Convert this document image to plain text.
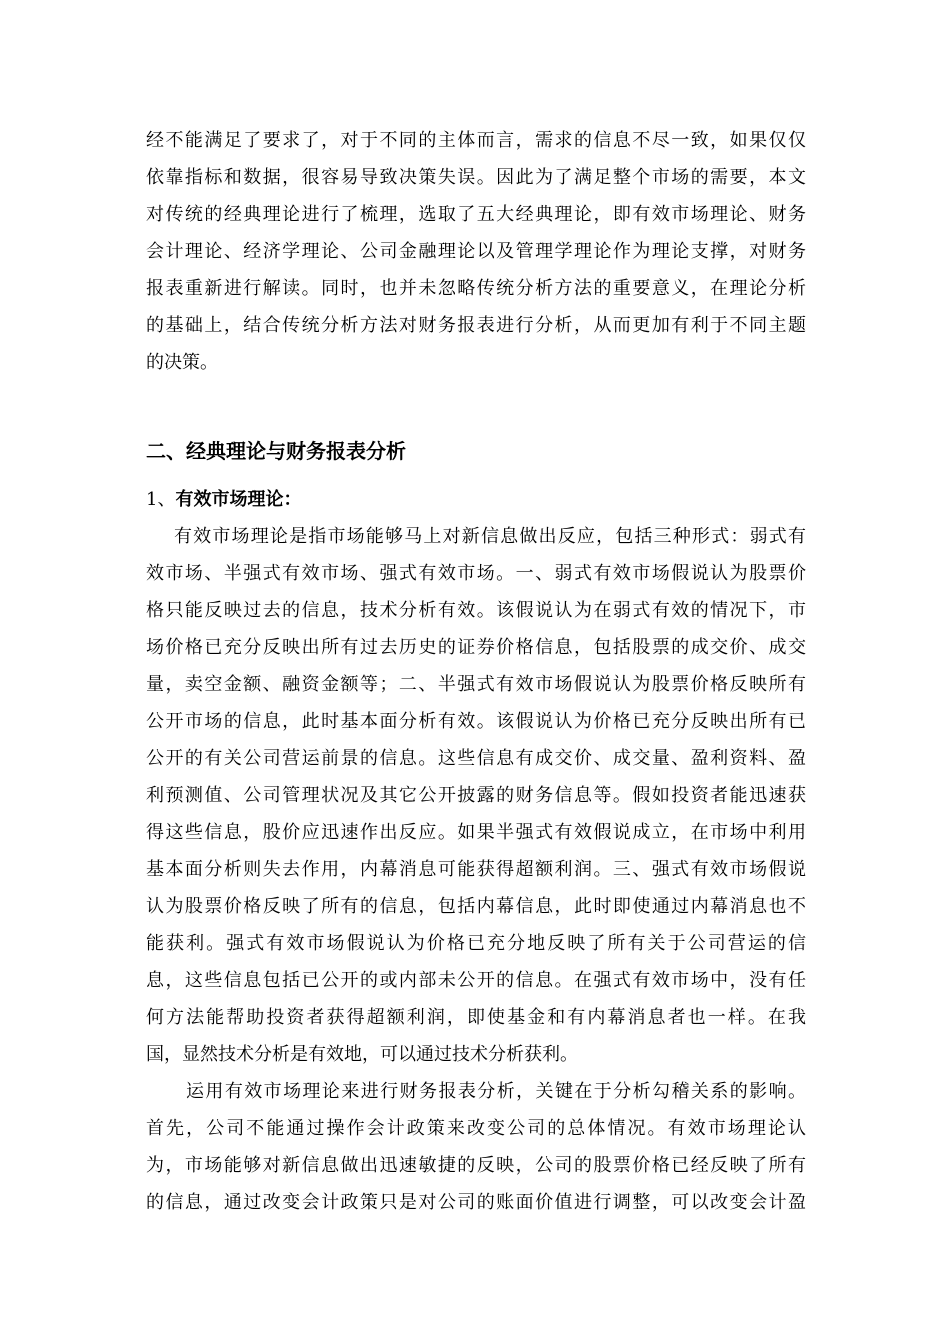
经不能满足了要求了，对于不同的主体而言，需求的信息不尽一致，如果仅仅
依靠指标和数据，很容易导致决策失误。因此为了满足整个市场的需要，本文
对传统的经典理论进行了梳理，选取了五大经典理论，即有效市场理论、财务
会计理论、经济学理论、公司金融理论以及管理学理论作为理论支撑，对财务
报表重新进行解读。同时，也并未忽略传统分析方法的重要意义，在理论分析
的基础上，结合传统分析方法对财务报表进行分析，从而更加有利于不同主题
的决策。
二、经典理论与财务报表分析
1、有效市场理论：
有效市场理论是指市场能够马上对新信息做出反应，包括三种形式：弱式有
效市场、半强式有效市场、强式有效市场。一、弱式有效市场假说认为股票价
格只能反映过去的信息，技术分析有效。该假说认为在弱式有效的情况下，市
场价格已充分反映出所有过去历史的证券价格信息，包括股票的成交价、成交
量，卖空金额、融资金额等；二、半强式有效市场假说认为股票价格反映所有
公开市场的信息，此时基本面分析有效。该假说认为价格已充分反映出所有已
公开的有关公司营运前景的信息。这些信息有成交价、成交量、盈利资料、盈
利预测值、公司管理状况及其它公开披露的财务信息等。假如投资者能迅速获
得这些信息，股价应迅速作出反应。如果半强式有效假说成立，在市场中利用
基本面分析则失去作用，内幕消息可能获得超额利润。三、强式有效市场假说
认为股票价格反映了所有的信息，包括内幕信息，此时即使通过内幕消息也不
能获利。强式有效市场假说认为价格已充分地反映了所有关于公司营运的信
息，这些信息包括已公开的或内部未公开的信息。在强式有效市场中，没有任
何方法能帮助投资者获得超额利润，即使基金和有内幕消息者也一样。在我
国，显然技术分析是有效地，可以通过技术分析获利。
运用有效市场理论来进行财务报表分析，关键在于分析勾稽关系的影响。
首先，公司不能通过操作会计政策来改变公司的总体情况。有效市场理论认
为，市场能够对新信息做出迅速敏捷的反映，公司的股票价格已经反映了所有
的信息，通过改变会计政策只是对公司的账面价值进行调整，可以改变会计盈
